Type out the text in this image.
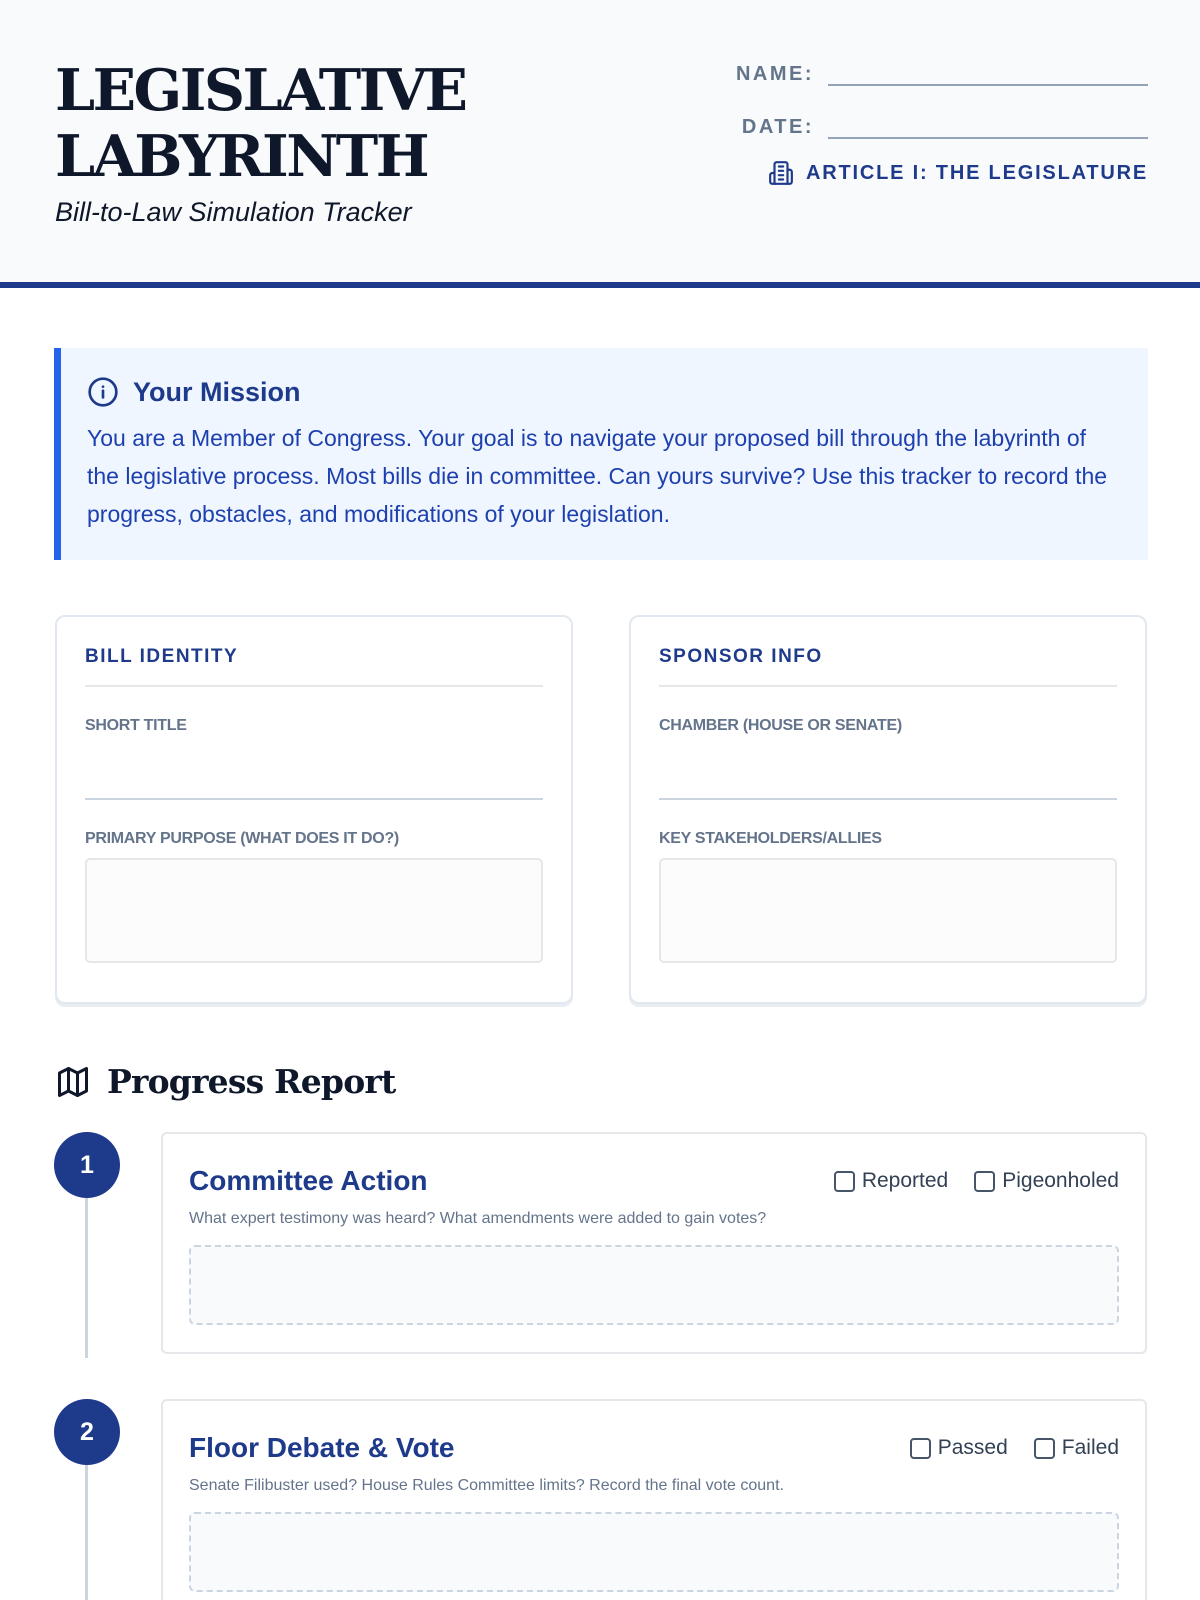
LEGISLATIVE
LABYRINTH
Bill-to-Law Simulation Tracker
NAME:
DATE:
ARTICLE I: THE LEGISLATURE
Your Mission
You are a Member of Congress. Your goal is to navigate your proposed bill through the labyrinth of the legislative process. Most bills die in committee. Can yours survive? Use this tracker to record the progress, obstacles, and modifications of your legislation.
BILL IDENTITY
SHORT TITLE
PRIMARY PURPOSE (WHAT DOES IT DO?)
SPONSOR INFO
CHAMBER (HOUSE OR SENATE)
KEY STAKEHOLDERS/ALLIES
Progress Report
1
Committee Action	Reported	Pigeonholed
What expert testimony was heard? What amendments were added to gain votes?
2
Floor Debate & Vote	Passed	Failed
Senate Filibuster used? House Rules Committee limits? Record the final vote count.
